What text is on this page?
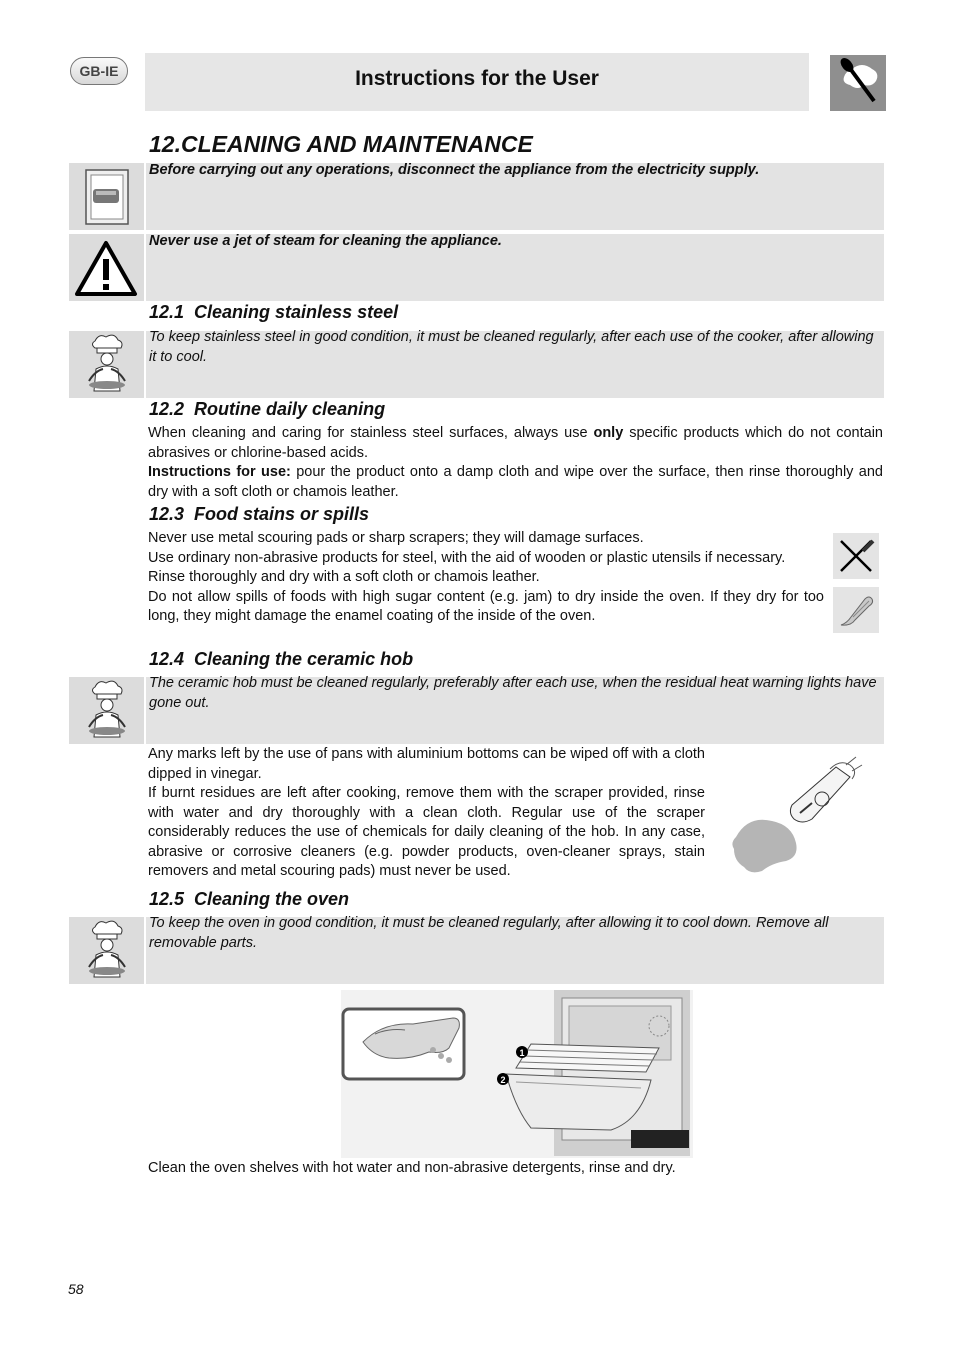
GB-IE	Instructions for the User
12.CLEANING AND MAINTENANCE
Before carrying out any operations, disconnect the appliance from the electricity supply.
Never use a jet of steam for cleaning the appliance.
12.1  Cleaning stainless steel
To keep stainless steel in good condition, it must be cleaned regularly, after each use of the cooker, after allowing it to cool.
12.2  Routine daily cleaning

When cleaning and caring for stainless steel surfaces, always use only specific products which do not contain abrasives or chlorine-based acids.

Instructions for use: pour the product onto a damp cloth and wipe over the surface, then rinse thoroughly and dry with a soft cloth or chamois leather.

12.3  Food stains or spills

Never use metal scouring pads or sharp scrapers; they will damage surfaces.

Use ordinary non-abrasive products for steel, with the aid of wooden or plastic utensils if necessary.

Rinse thoroughly and dry with a soft cloth or chamois leather.

Do not allow spills of foods with high sugar content (e.g. jam) to dry inside the oven. If they dry for too long, they might damage the enamel coating of the inside of the oven.

12.4  Cleaning the ceramic hob
The ceramic hob must be cleaned regularly, preferably after each use, when the residual heat warning lights have gone out.

Any marks left by the use of pans with aluminium bottoms can be wiped off with a cloth dipped in vinegar.

If burnt residues are left after cooking, remove them with the scraper provided, rinse with water and dry thoroughly with a clean cloth. Regular use of the scraper considerably reduces the use of chemicals for daily cleaning of the hob. In any case, abrasive or corrosive cleaners (e.g. powder products, oven-cleaner sprays, stain removers and metal scouring pads) must never be used.

12.5  Cleaning the oven
To keep the oven in good condition, it must be cleaned regularly, after allowing it to cool down. Remove all removable parts.
1
2
Clean the oven shelves with hot water and non-abrasive detergents, rinse and dry.
58
